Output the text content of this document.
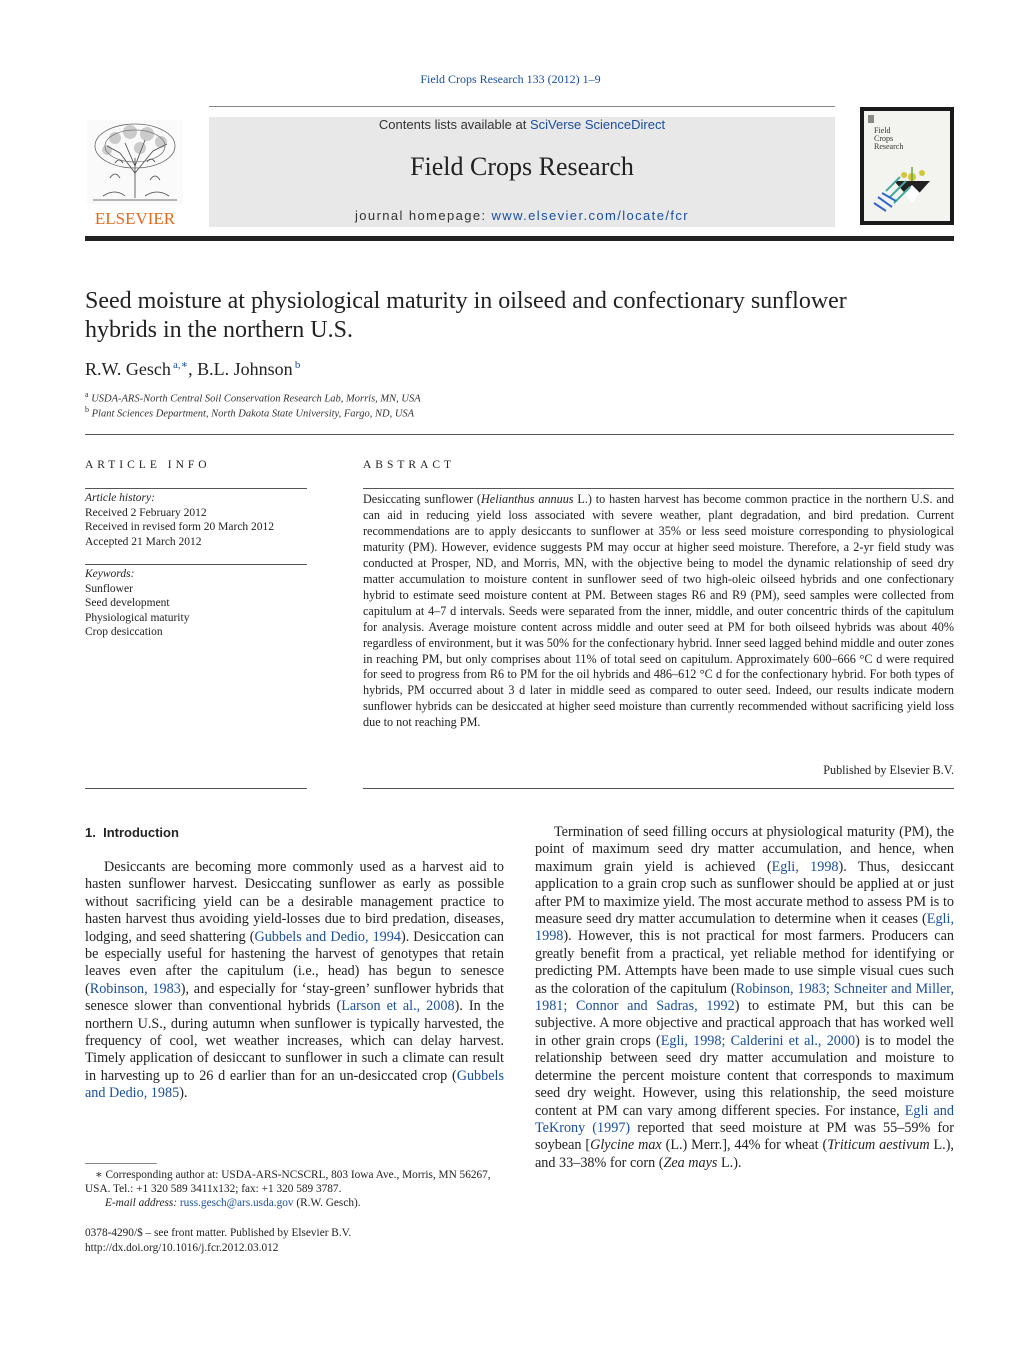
Field Crops Research 133 (2012) 1–9
ELSEVIER
Contents lists available at SciVerse ScienceDirect
Field Crops Research
journal homepage: www.elsevier.com/locate/fcr
Field
Crops
Research
Seed moisture at physiological maturity in oilseed and confectionary sunflower
hybrids in the northern U.S.
R.W. Gesch  $^{a,∗}$, B.L. Johnson  $^b$
$^a$ USDA-ARS-North Central Soil Conservation Research Lab, Morris, MN, USA
$^b$ Plant Sciences Department, North Dakota State University, Fargo, ND, USA
ARTICLE INFO
Article history:
Received 2 February 2012
Received in revised form 20 March 2012
Accepted 21 March 2012
Keywords:
Sunflower
Seed development
Physiological maturity
Crop desiccation
ABSTRACT
Desiccating sunflower (Helianthus annuus L.) to hasten harvest has become common practice in the northern U.S. and can aid in reducing yield loss associated with severe weather, plant degradation, and bird predation. Current recommendations are to apply desiccants to sunflower at 35% or less seed moisture corresponding to physiological maturity (PM). However, evidence suggests PM may occur at higher seed moisture. Therefore, a 2-yr field study was conducted at Prosper, ND, and Morris, MN, with the objective being to model the dynamic relationship of seed dry matter accumulation to moisture content in sunflower seed of two high-oleic oilseed hybrids and one confectionary hybrid to estimate seed moisture content at PM. Between stages R6 and R9 (PM), seed samples were collected from capitulum at 4–7 d intervals. Seeds were separated from the inner, middle, and outer concentric thirds of the capitulum for analysis. Average moisture content across middle and outer seed at PM for both oilseed hybrids was about 40% regardless of environment, but it was 50% for the confectionary hybrid. Inner seed lagged behind middle and outer zones in reaching PM, but only comprises about 11% of total seed on capitulum. Approximately 600–666 °C d were required for seed to progress from R6 to PM for the oil hybrids and 486–612 °C d for the confectionary hybrid. For both types of hybrids, PM occurred about 3 d later in middle seed as compared to outer seed. Indeed, our results indicate modern sunflower hybrids can be desiccated at higher seed moisture than currently recommended without sacrificing yield loss due to not reaching PM.
Published by Elsevier B.V.
1. Introduction

Desiccants are becoming more commonly used as a harvest aid to hasten sunflower harvest. Desiccating sunflower as early as possible without sacrificing yield can be a desirable management practice to hasten harvest thus avoiding yield-losses due to bird predation, diseases, lodging, and seed shattering (Gubbels and Dedio, 1994). Desiccation can be especially useful for hastening the harvest of genotypes that retain leaves even after the capitulum (i.e., head) has begun to senesce (Robinson, 1983), and especially for ‘stay-green’ sunflower hybrids that senesce slower than conventional hybrids (Larson et al., 2008). In the northern U.S., during autumn when sunflower is typically harvested, the frequency of cool, wet weather increases, which can delay harvest. Timely application of desiccant to sunflower in such a climate can result in harvesting up to 26 d earlier than for an un-desiccated crop (Gubbels and Dedio, 1985).

Termination of seed filling occurs at physiological maturity (PM), the point of maximum seed dry matter accumulation, and hence, when maximum grain yield is achieved (Egli, 1998). Thus, desiccant application to a grain crop such as sunflower should be applied at or just after PM to maximize yield. The most accurate method to assess PM is to measure seed dry matter accumulation to determine when it ceases (Egli, 1998). However, this is not practical for most farmers. Producers can greatly benefit from a practical, yet reliable method for identifying or predicting PM. Attempts have been made to use simple visual cues such as the coloration of the capitulum (Robinson, 1983; Schneiter and Miller, 1981; Connor and Sadras, 1992) to estimate PM, but this can be subjective. A more objective and practical approach that has worked well in other grain crops (Egli, 1998; Calderini et al., 2000) is to model the relationship between seed dry matter accumulation and moisture to determine the percent moisture content that corresponds to maximum seed dry weight. However, using this relationship, the seed moisture content at PM can vary among different species. For instance, Egli and TeKrony (1997) reported that seed moisture at PM was 55–59% for soybean [Glycine max (L.) Merr.], 44% for wheat (Triticum aestivum L.), and 33–38% for corn (Zea mays L.).

∗ Corresponding author at: USDA-ARS-NCSCRL, 803 Iowa Ave., Morris, MN 56267, USA. Tel.: +1 320 589 3411x132; fax: +1 320 589 3787.
E-mail address: russ.gesch@ars.usda.gov (R.W. Gesch).
0378-4290/$ – see front matter. Published by Elsevier B.V.
http://dx.doi.org/10.1016/j.fcr.2012.03.012
